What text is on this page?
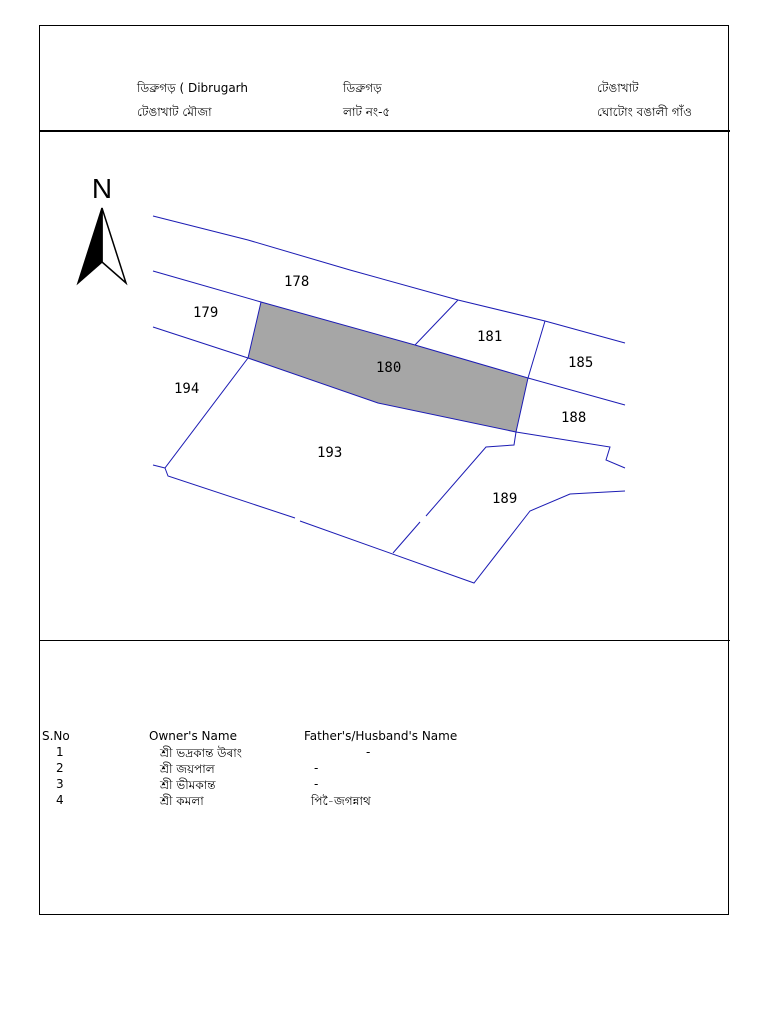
ডিব্ৰুগড় ( Dibrugarh	ডিব্ৰুগড়	টেঙাখাট
টেঙাখাট মৌজা	লাট নং-৫	ঘোটোং বঙালী গাঁও
N
178
179
180
181
185
188
194
193
189
S.No	Owner's Name	Father's/Husband's Name
1	শ্ৰী ভদ্ৰকান্ত উৰাং	-
2	শ্ৰী জয়পাল	-
3	শ্ৰী ভীমকান্ত	-
4	শ্ৰী কমলা	পি-ৈজগন্নাথ
